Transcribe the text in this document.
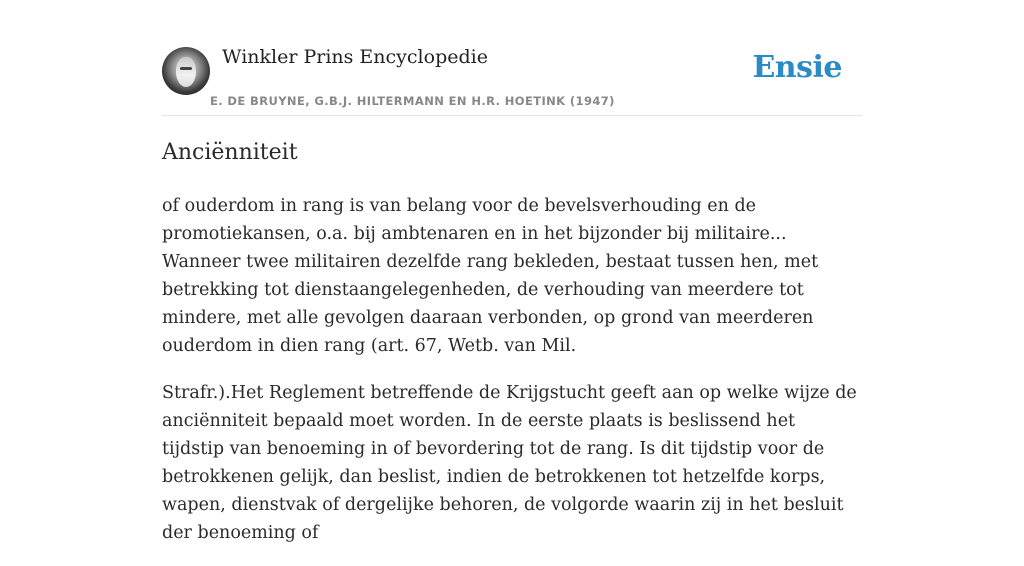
Winkler Prins Encyclopedie
E. DE BRUYNE, G.B.J. HILTERMANN EN H.R. HOETINK (1947)
Ensie
Anciënniteit

of ouderdom in rang is van belang voor de bevelsverhouding en de promotiekansen, o.a. bij ambtenaren en in het bijzonder bij militaire... Wanneer twee militairen dezelfde rang bekleden, bestaat tussen hen, met betrekking tot dienstaangelegenheden, de verhouding van meerdere tot mindere, met alle gevolgen daaraan verbonden, op grond van meerderen ouderdom in dien rang (art. 67, Wetb. van Mil.

Strafr.).Het Reglement betreffende de Krijgstucht geeft aan op welke wijze de anciënniteit bepaald moet worden. In de eerste plaats is beslissend het tijdstip van benoeming in of bevordering tot de rang. Is dit tijdstip voor de betrokkenen gelijk, dan beslist, indien de betrokkenen tot hetzelfde korps, wapen, dienstvak of dergelijke behoren, de volgorde waarin zij in het besluit der benoeming of
